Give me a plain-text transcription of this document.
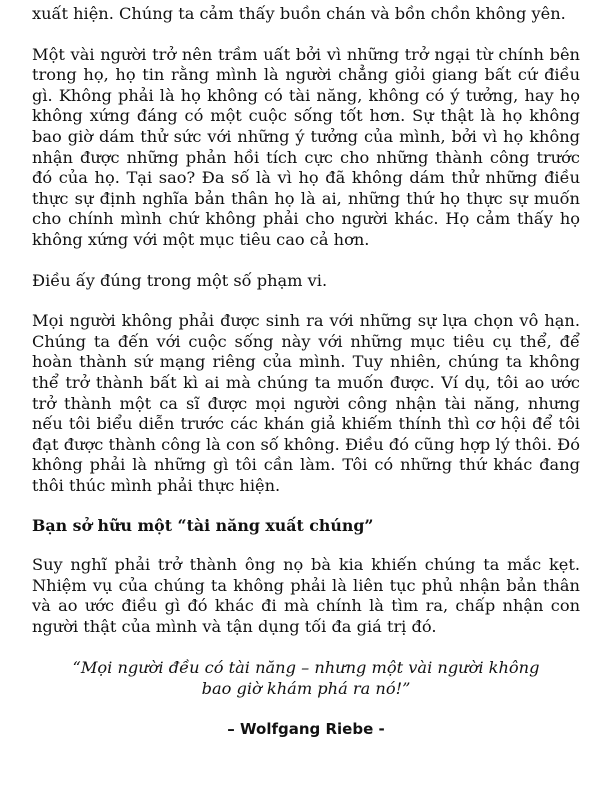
xuất hiện. Chúng ta cảm thấy buồn chán và bồn chồn không yên.

Một vài người trở nên trầm uất bởi vì những trở ngại từ chính bên trong họ, họ tin rằng mình là người chẳng giỏi giang bất cứ điều gì. Không phải là họ không có tài năng, không có ý tưởng, hay họ không xứng đáng có một cuộc sống tốt hơn. Sự thật là họ không bao giờ dám thử sức với những ý tưởng của mình, bởi vì họ không nhận được những phản hồi tích cực cho những thành công trước đó của họ. Tại sao? Đa số là vì họ đã không dám thử những điều thực sự định nghĩa bản thân họ là ai, những thứ họ thực sự muốn cho chính mình chứ không phải cho người khác. Họ cảm thấy họ không xứng với một mục tiêu cao cả hơn.

Điều ấy đúng trong một số phạm vi.

Mọi người không phải được sinh ra với những sự lựa chọn vô hạn. Chúng ta đến với cuộc sống này với những mục tiêu cụ thể, để hoàn thành sứ mạng riêng của mình. Tuy nhiên, chúng ta không thể trở thành bất kì ai mà chúng ta muốn được. Ví dụ, tôi ao ước trở thành một ca sĩ được mọi người công nhận tài năng, nhưng nếu tôi biểu diễn trước các khán giả khiếm thính thì cơ hội để tôi đạt được thành công là con số không. Điều đó cũng hợp lý thôi. Đó không phải là những gì tôi cần làm. Tôi có những thứ khác đang thôi thúc mình phải thực hiện.

Bạn sở hữu một “tài năng xuất chúng”

Suy nghĩ phải trở thành ông nọ bà kia khiến chúng ta mắc kẹt. Nhiệm vụ của chúng ta không phải là liên tục phủ nhận bản thân và ao ước điều gì đó khác đi mà chính là tìm ra, chấp nhận con người thật của mình và tận dụng tối đa giá trị đó.

“Mọi người đều có tài năng – nhưng một vài người không bao giờ khám phá ra nó!”

– Wolfgang Riebe -
